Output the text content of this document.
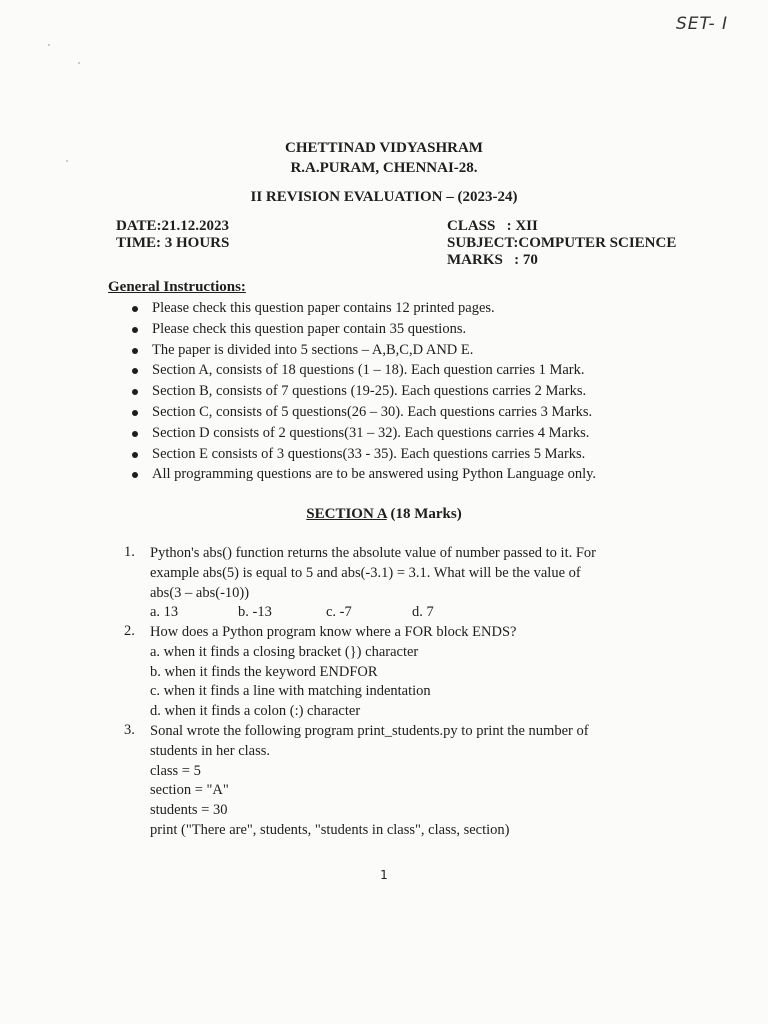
SET- I
CHETTINAD VIDYASHRAM
R.A.PURAM, CHENNAI-28.
II REVISION EVALUATION – (2023-24)
DATE:21.12.2023
TIME: 3 HOURS
CLASS   : XII
SUBJECT:COMPUTER SCIENCE
MARKS   : 70
General Instructions:
Please check this question paper contains 12 printed pages.
Please check this question paper contain 35 questions.
The paper is divided into 5 sections – A,B,C,D AND E.
Section A, consists of 18 questions (1 – 18). Each question carries 1 Mark.
Section B, consists of 7 questions (19-25). Each questions carries 2 Marks.
Section C, consists of 5 questions(26 – 30). Each questions carries 3 Marks.
Section D consists of 2 questions(31 – 32). Each questions carries 4 Marks.
Section E consists of 3 questions(33 - 35). Each questions carries 5 Marks.
All programming questions are to be answered using Python Language only.
SECTION A (18 Marks)
1.	Python's abs() function returns the absolute value of number passed to it. For
example abs(5) is equal to 5 and abs(-3.1) = 3.1. What will be the value of
abs(3 – abs(-10))
a. 13	b. -13	c. -7	d. 7
2.	How does a Python program know where a FOR block ENDS?
a. when it finds a closing bracket (}) character
b. when it finds the keyword ENDFOR
c. when it finds a line with matching indentation
d. when it finds a colon (:) character
3.	Sonal wrote the following program print_students.py to print the number of
students in her class.
class = 5
section = "A"
students = 30
print ("There are", students, "students in class", class, section)
1
